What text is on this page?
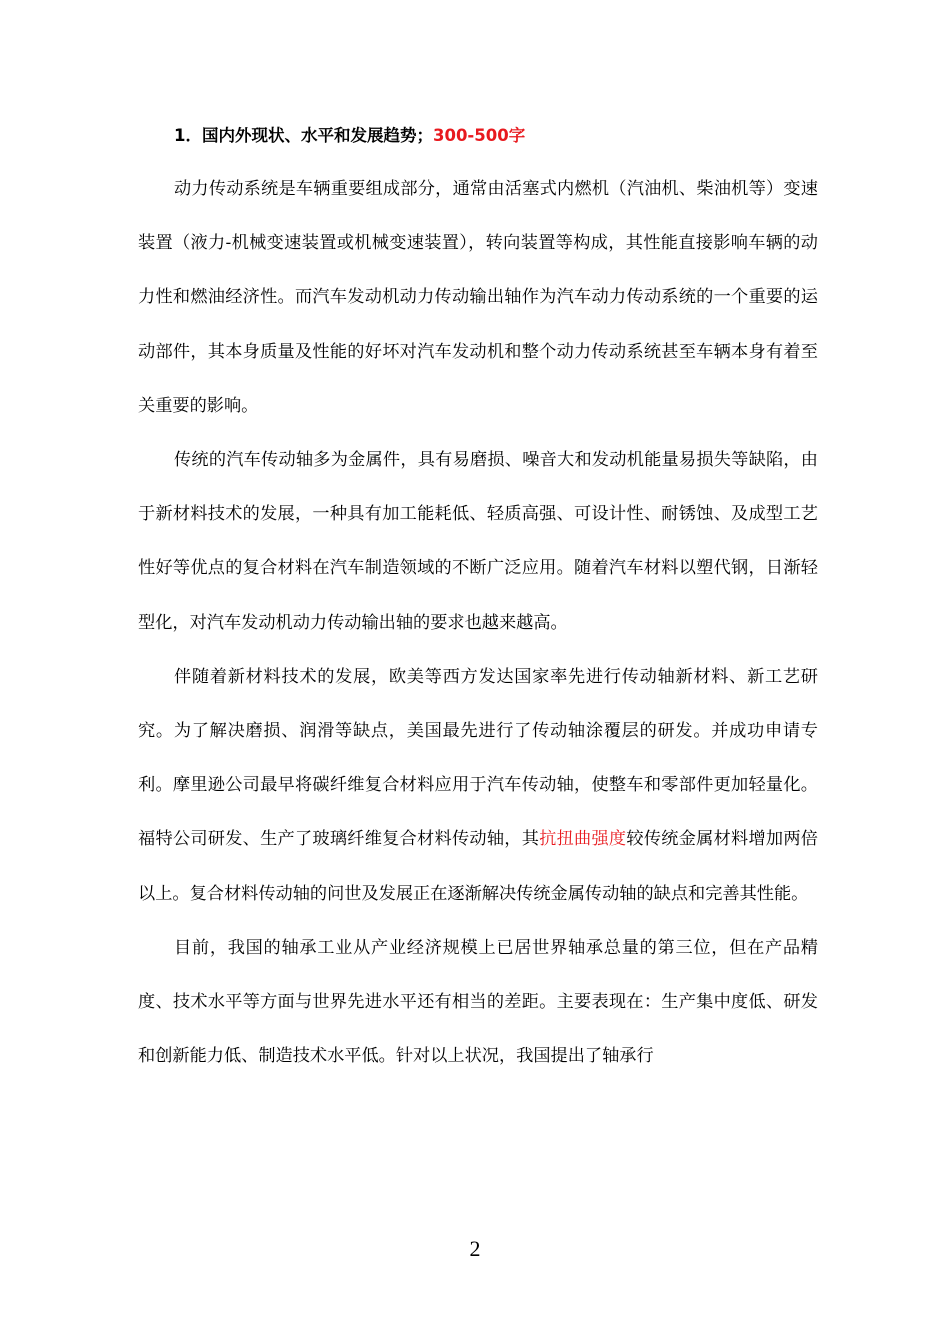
1．国内外现状、水平和发展趋势；300-500字

动力传动系统是车辆重要组成部分，通常由活塞式内燃机（汽油机、柴油机等）变速装置（液力-机械变速装置或机械变速装置），转向装置等构成，其性能直接影响车辆的动力性和燃油经济性。而汽车发动机动力传动输出轴作为汽车动力传动系统的一个重要的运动部件，其本身质量及性能的好坏对汽车发动机和整个动力传动系统甚至车辆本身有着至关重要的影响。

传统的汽车传动轴多为金属件，具有易磨损、噪音大和发动机能量易损失等缺陷，由于新材料技术的发展，一种具有加工能耗低、轻质高强、可设计性、耐锈蚀、及成型工艺性好等优点的复合材料在汽车制造领域的不断广泛应用。随着汽车材料以塑代钢，日渐轻型化，对汽车发动机动力传动输出轴的要求也越来越高。

伴随着新材料技术的发展，欧美等西方发达国家率先进行传动轴新材料、新工艺研究。为了解决磨损、润滑等缺点，美国最先进行了传动轴涂覆层的研发。并成功申请专利。摩里逊公司最早将碳纤维复合材料应用于汽车传动轴，使整车和零部件更加轻量化。福特公司研发、生产了玻璃纤维复合材料传动轴，其抗扭曲强度较传统金属材料增加两倍以上。复合材料传动轴的问世及发展正在逐渐解决传统金属传动轴的缺点和完善其性能。

目前，我国的轴承工业从产业经济规模上已居世界轴承总量的第三位，但在产品精度、技术水平等方面与世界先进水平还有相当的差距。主要表现在：生产集中度低、研发和创新能力低、制造技术水平低。针对以上状况，我国提出了轴承行

2
